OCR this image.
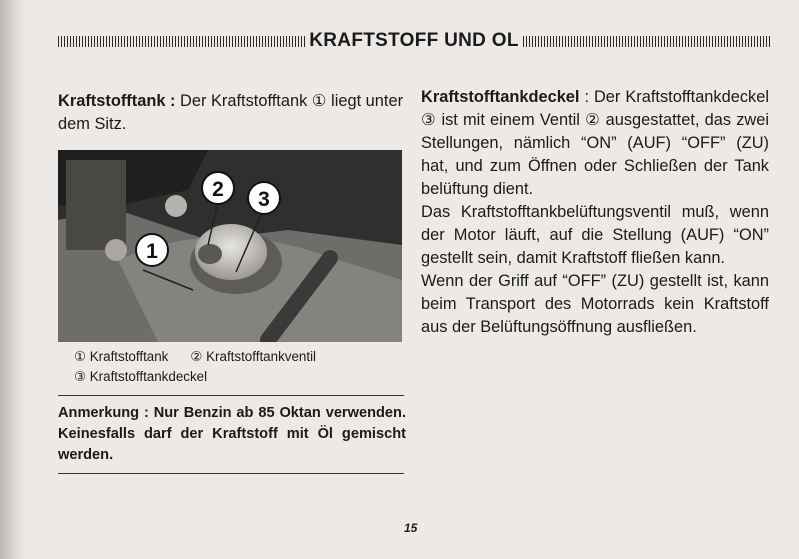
KRAFTSTOFF UND OL

Kraftstofftank : Der Kraftstofftank ① liegt unter dem Sitz.

1
2 3
① Kraftstofftank ② Kraftstofftankventil
③ Kraftstofftankdeckel
Anmerkung : Nur Benzin ab 85 Oktan verwenden. Keinesfalls darf der Kraftstoff mit Öl gemischt werden.

Kraftstofftankdeckel : Der Kraftstofftankdeckel ③ ist mit einem Ventil ② ausgestattet, das zwei Stellungen, nämlich “ON” (AUF) “OFF” (ZU) hat, und zum Öffnen oder Schließen der Tank belüftung dient.

Das Kraftstofftankbelüftungsventil muß, wenn der Motor läuft, auf die Stellung (AUF) “ON” gestellt sein, damit Kraftstoff fließen kann.

Wenn der Griff auf “OFF” (ZU) gestellt ist, kann beim Transport des Motorrads kein Kraftstoff aus der Belüftungsöffnung ausfließen.

15
